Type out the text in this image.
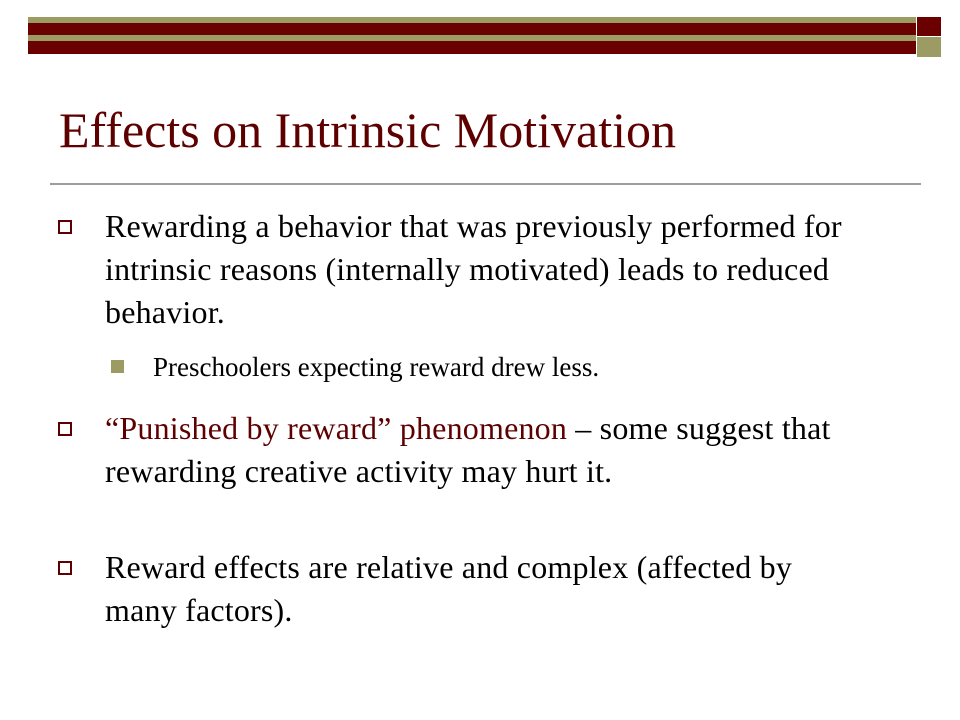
Effects on Intrinsic Motivation
Rewarding a behavior that was previously performed for intrinsic reasons (internally motivated) leads to reduced behavior.
Preschoolers expecting reward drew less.
“Punished by reward” phenomenon – some suggest that rewarding creative activity may hurt it.
Reward effects are relative and complex (affected by many factors).
